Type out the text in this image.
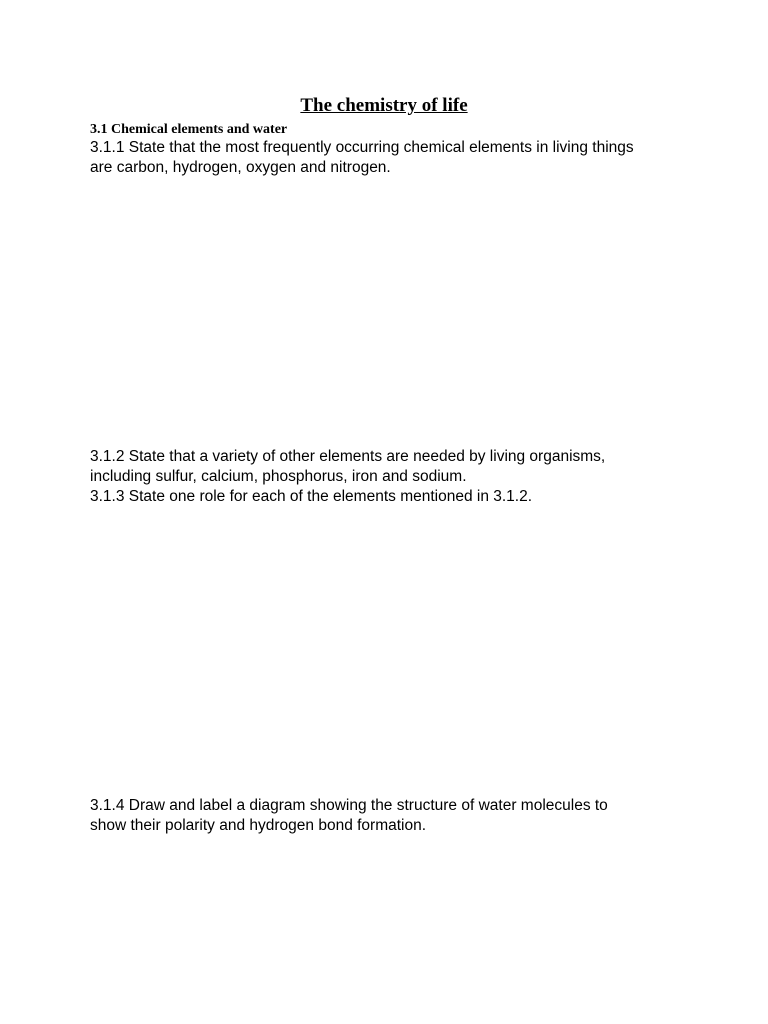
The chemistry of life
3.1 Chemical elements and water
3.1.1 State that the most frequently occurring chemical elements in living things
are carbon, hydrogen, oxygen and nitrogen.
3.1.2 State that a variety of other elements are needed by living organisms,
including sulfur, calcium, phosphorus, iron and sodium.
3.1.3 State one role for each of the elements mentioned in 3.1.2.
3.1.4 Draw and label a diagram showing the structure of water molecules to
show their polarity and hydrogen bond formation.
